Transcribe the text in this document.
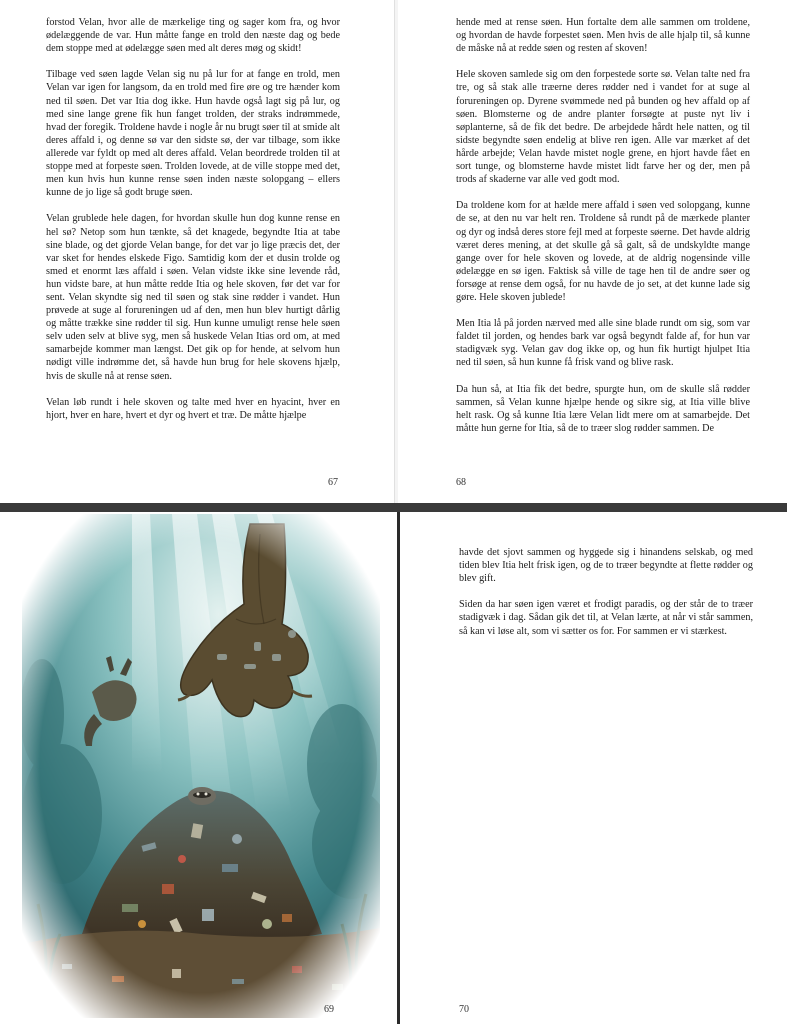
forstod Velan, hvor alle de mærkelige ting og sager kom fra, og hvor ødelæggende de var. Hun måtte fange en trold den næste dag og bede dem stoppe med at ødelægge søen med alt deres møg og skidt!

Tilbage ved søen lagde Velan sig nu på lur for at fange en trold, men Velan var igen for langsom, da en trold med fire øre og tre hænder kom ned til søen. Det var Itia dog ikke. Hun havde også lagt sig på lur, og med sine lange grene fik hun fanget trolden, der straks indrømmede, hvad der foregik. Troldene havde i nogle år nu brugt søer til at smide alt deres affald i, og denne sø var den sidste sø, der var tilbage, som ikke allerede var fyldt op med alt deres affald. Velan beordrede trolden til at stoppe med at forpeste søen. Trolden lovede, at de ville stoppe med det, men kun hvis hun kunne rense søen inden næste solopgang – ellers kunne de jo lige så godt bruge søen.

Velan grublede hele dagen, for hvordan skulle hun dog kunne rense en hel sø? Netop som hun tænkte, så det knagede, begyndte Itia at tabe sine blade, og det gjorde Velan bange, for det var jo lige præcis det, der var sket for hendes elskede Figo. Samtidig kom der et dusin trolde og smed et enormt læs affald i søen. Velan vidste ikke sine levende råd, hun vidste bare, at hun måtte redde Itia og hele skoven, før det var for sent. Velan skyndte sig ned til søen og stak sine rødder i vandet. Hun prøvede at suge al forureningen ud af den, men hun blev hurtigt dårlig og måtte trække sine rødder til sig. Hun kunne umuligt rense hele søen selv uden selv at blive syg, men så huskede Velan Itias ord om, at med samarbejde kommer man længst. Det gik op for hende, at selvom hun nødigt ville indrømme det, så havde hun brug for hele skovens hjælp, hvis de skulle nå at rense søen.

Velan løb rundt i hele skoven og talte med hver en hyacint, hver en hjort, hver en hare, hvert et dyr og hvert et træ. De måtte hjælpe

67

hende med at rense søen. Hun fortalte dem alle sammen om troldene, og hvordan de havde forpestet søen. Men hvis de alle hjalp til, så kunne de måske nå at redde søen og resten af skoven!

Hele skoven samlede sig om den forpestede sorte sø. Velan talte ned fra tre, og så stak alle træerne deres rødder ned i vandet for at suge al forureningen op. Dyrene svømmede ned på bunden og hev affald op af søen. Blomsterne og de andre planter forsøgte at puste nyt liv i søplanterne, så de fik det bedre. De arbejdede hårdt hele natten, og til sidste begyndte søen endelig at blive ren igen. Alle var mærket af det hårde arbejde; Velan havde mistet nogle grene, en hjort havde fået en sort tunge, og blomsterne havde mistet lidt farve her og der, men på trods af skaderne var alle ved godt mod.

Da troldene kom for at hælde mere affald i søen ved solopgang, kunne de se, at den nu var helt ren. Troldene så rundt på de mærkede planter og dyr og indså deres store fejl med at forpeste søerne. Det havde aldrig været deres mening, at det skulle gå så galt, så de undskyldte mange gange over for hele skoven og lovede, at de aldrig nogensinde ville ødelægge en sø igen. Faktisk så ville de tage hen til de andre søer og forsøge at rense dem også, for nu havde de jo set, at det kunne lade sig gøre. Hele skoven jublede!

Men Itia lå på jorden nærved med alle sine blade rundt om sig, som var faldet til jorden, og hendes bark var også begyndt falde af, for hun var stadigvæk syg. Velan gav dog ikke op, og hun fik hurtigt hjulpet Itia ned til søen, så hun kunne få frisk vand og blive rask.

Da hun så, at Itia fik det bedre, spurgte hun, om de skulle slå rødder sammen, så Velan kunne hjælpe hende og sikre sig, at Itia ville blive helt rask. Og så kunne Itia lære Velan lidt mere om at samarbejde. Det måtte hun gerne for Itia, så de to træer slog rødder sammen. De

68
69

havde det sjovt sammen og hyggede sig i hinandens selskab, og med tiden blev Itia helt frisk igen, og de to træer begyndte at flette rødder og blev gift.

Siden da har søen igen været et frodigt paradis, og der står de to træer stadigvæk i dag. Sådan gik det til, at Velan lærte, at når vi står sammen, så kan vi løse alt, som vi sætter os for. For sammen er vi stærkest.

70
